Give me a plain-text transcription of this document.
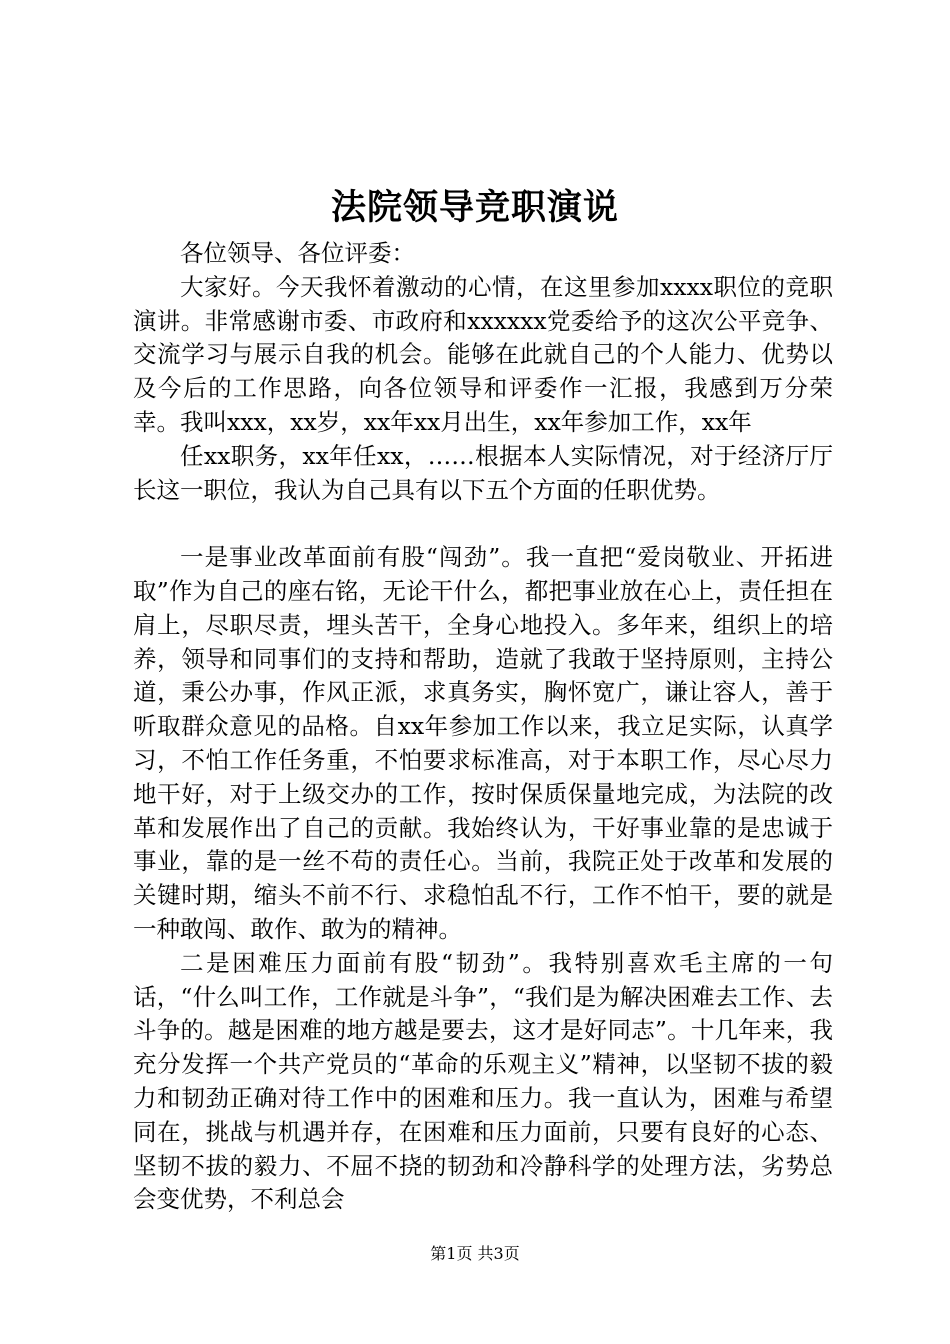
法院领导竞职演说

各位领导、各位评委：

大家好。今天我怀着激动的心情，在这里参加xxxx职位的竞职演讲。非常感谢市委、市政府和xxxxxx党委给予的这次公平竞争、交流学习与展示自我的机会。能够在此就自己的个人能力、优势以及今后的工作思路，向各位领导和评委作一汇报，我感到万分荣幸。我叫xxx，xx岁，xx年xx月出生，xx年参加工作，xx年

任xx职务，xx年任xx，……根据本人实际情况，对于经济厅厅长这一职位，我认为自己具有以下五个方面的任职优势。

一是事业改革面前有股“闯劲”。我一直把“爱岗敬业、开拓进取”作为自己的座右铭，无论干什么，都把事业放在心上，责任担在肩上，尽职尽责，埋头苦干，全身心地投入。多年来，组织上的培养，领导和同事们的支持和帮助，造就了我敢于坚持原则，主持公道，秉公办事，作风正派，求真务实，胸怀宽广，谦让容人，善于听取群众意见的品格。自xx年参加工作以来，我立足实际，认真学习，不怕工作任务重，不怕要求标准高，对于本职工作，尽心尽力地干好，对于上级交办的工作，按时保质保量地完成，为法院的改革和发展作出了自己的贡献。我始终认为，干好事业靠的是忠诚于事业，靠的是一丝不苟的责任心。当前，我院正处于改革和发展的关键时期，缩头不前不行、求稳怕乱不行，工作不怕干，要的就是一种敢闯、敢作、敢为的精神。

二是困难压力面前有股“韧劲”。我特别喜欢毛主席的一句话，“什么叫工作，工作就是斗争”，“我们是为解决困难去工作、去斗争的。越是困难的地方越是要去，这才是好同志”。十几年来，我充分发挥一个共产党员的“革命的乐观主义”精神，以坚韧不拔的毅力和韧劲正确对待工作中的困难和压力。我一直认为，困难与希望同在，挑战与机遇并存，在困难和压力面前，只要有良好的心态、坚韧不拔的毅力、不屈不挠的韧劲和冷静科学的处理方法，劣势总会变优势，不利总会

第1页 共3页
